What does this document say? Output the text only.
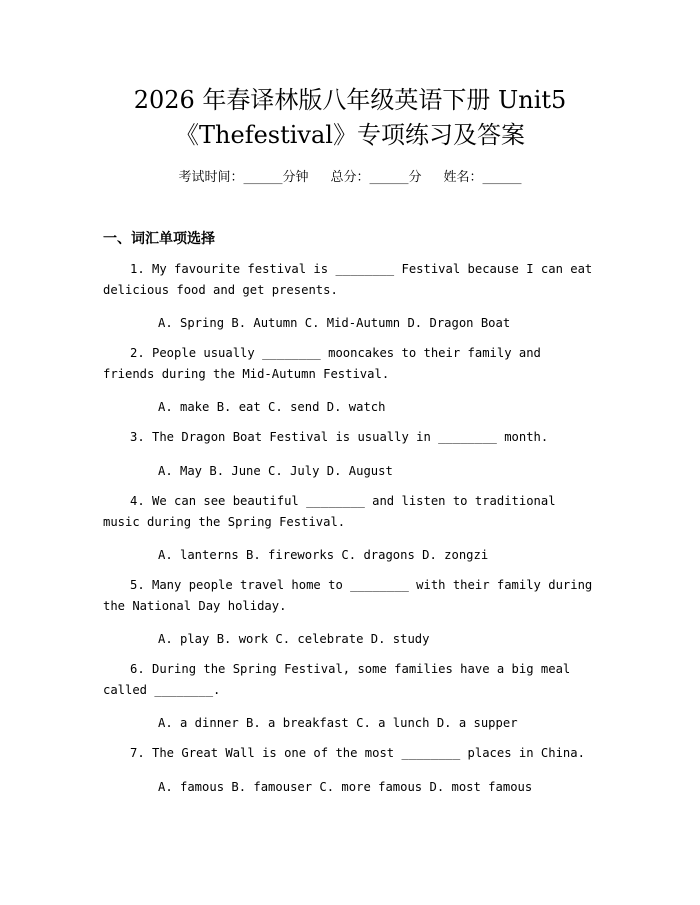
2026 年春译林版八年级英语下册 Unit5
《Thefestival》专项练习及答案
考试时间：______分钟 总分：______分 姓名：______
一、词汇单项选择
1. My favourite festival is ________ Festival because I can eat delicious food and get presents.
A. Spring B. Autumn C. Mid-Autumn D. Dragon Boat
2. People usually ________ mooncakes to their family and friends during the Mid-Autumn Festival.
A. make B. eat C. send D. watch
3. The Dragon Boat Festival is usually in ________ month.
A. May B. June C. July D. August
4. We can see beautiful ________ and listen to traditional music during the Spring Festival.
A. lanterns B. fireworks C. dragons D. zongzi
5. Many people travel home to ________ with their family during the National Day holiday.
A. play B. work C. celebrate D. study
6. During the Spring Festival, some families have a big meal called ________.
A. a dinner B. a breakfast C. a lunch D. a supper
7. The Great Wall is one of the most ________ places in China.
A. famous B. famouser C. more famous D. most famous
